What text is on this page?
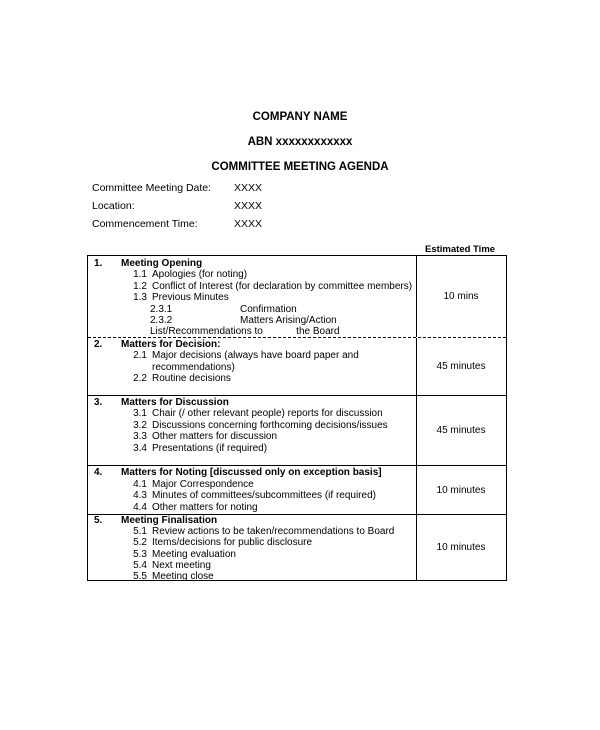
COMPANY NAME
ABN xxxxxxxxxxxx
COMMITTEE MEETING AGENDA
Committee Meeting Date: XXXX
Location:	XXXX
Commencement Time:	XXXX
Estimated Time
1. Meeting Opening
1.1 Apologies (for noting)
1.2 Conflict of Interest (for declaration by committee members)
1.3 Previous Minutes
2.3.1	Confirmation
2.3.2	Matters Arising/Action
List/Recommendations to            the Board
10 mins
2. Matters for Decision:
2.1 Major decisions (always have board paper and
recommendations)
2.2 Routine decisions
45 minutes
3. Matters for Discussion
3.1 Chair (/ other relevant people) reports for discussion
3.2 Discussions concerning forthcoming decisions/issues
3.3 Other matters for discussion
3.4 Presentations (if required)
45 minutes
4. Matters for Noting [discussed only on exception basis]
4.1 Major Correspondence
4.3 Minutes of committees/subcommittees (if required)
4.4 Other matters for noting
10 minutes
5. Meeting Finalisation
5.1 Review actions to be taken/recommendations to Board
5.2 Items/decisions for public disclosure
5.3 Meeting evaluation
5.4 Next meeting
5.5 Meeting close
10 minutes
